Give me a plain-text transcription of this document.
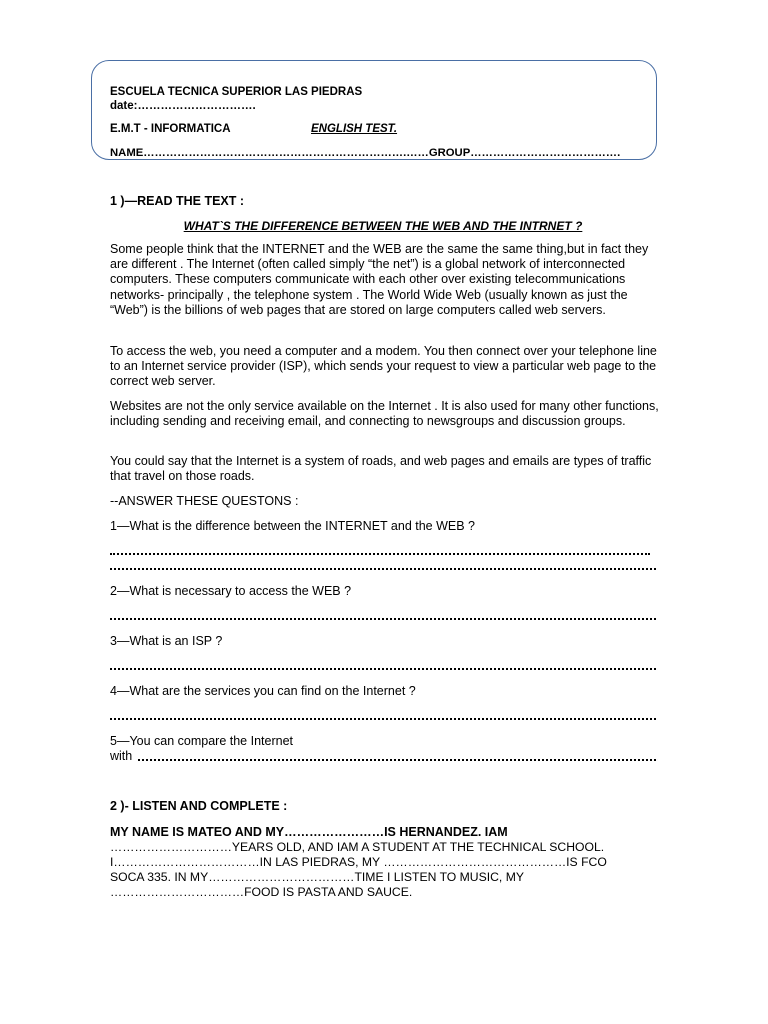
ESCUELA TECNICA SUPERIOR LAS PIEDRAS
date:………………………….
E.M.T - INFORMATICA	ENGLISH TEST.
NAME…………………………………………………………….……GROUP………………………………….
1 )—READ THE TEXT :
WHAT`S THE DIFFERENCE BETWEEN THE WEB AND THE INTRNET ?

Some people think that the INTERNET and the WEB are the same the same thing,but in fact they are different . The Internet (often called simply “the net”) is a global network of interconnected computers. These computers communicate with each other over existing telecommunications networks- principally , the telephone system . The World Wide Web (usually known as just the “Web”) is the billions of web pages that are stored on large computers called web servers.

To access the web, you need a computer and a modem. You then connect over your telephone line to an Internet service provider (ISP), which sends your request to view a particular web page to the correct web server.

Websites are not the only service available on the Internet . It is also used for many other functions, including sending and receiving email, and connecting to newsgroups and discussion groups.

You could say that the Internet is a system of roads, and web pages and emails are types of traffic that travel on those roads.

--ANSWER THESE QUESTONS :
1—What is the difference between the INTERNET and the WEB ?
2—What is necessary to access the WEB ?
3—What is an ISP ?
4—What are the services you can find on the Internet ?
5—You can compare the Internet
with
2 )- LISTEN AND COMPLETE :
MY NAME IS MATEO AND MY……………………IS HERNANDEZ. IAM
…………………………YEARS OLD, AND IAM A STUDENT AT THE TECHNICAL SCHOOL.
I………………………………IN LAS PIEDRAS, MY ………………………………………IS FCO
SOCA 335. IN MY………………………………TIME I LISTEN TO MUSIC, MY
……………………………FOOD IS PASTA AND SAUCE.
